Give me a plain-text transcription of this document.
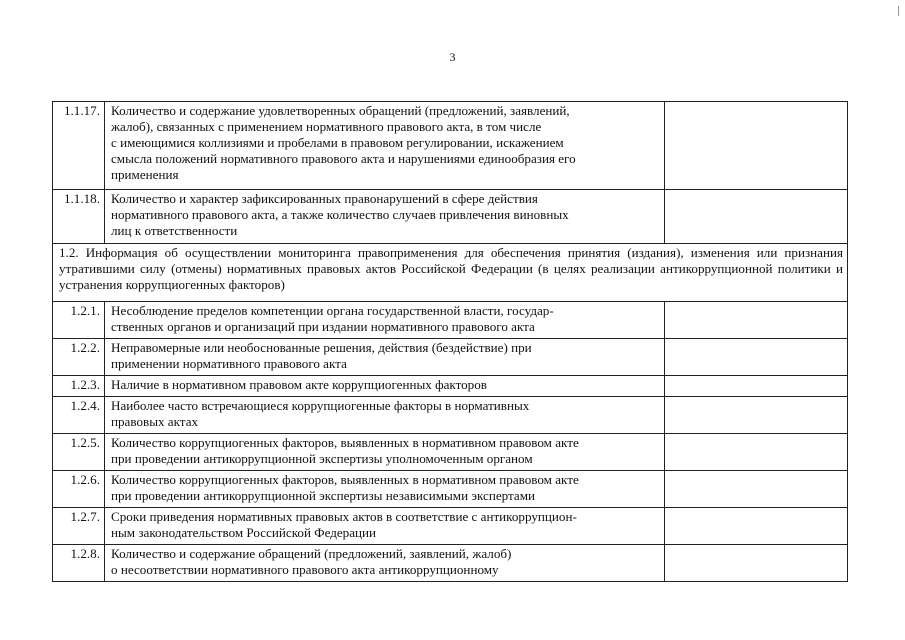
3
1.1.17.	Количество и содержание удовлетворенных обращений (предложений, заявлений,
жалоб), связанных с применением нормативного правового акта, в том числе
с имеющимися коллизиями и пробелами в правовом регулировании, искажением
смысла положений нормативного правового акта и нарушениями единообразия его
применения	
1.1.18.	Количество и характер зафиксированных правонарушений в сфере действия
нормативного правового акта, а также количество случаев привлечения виновных
лиц к ответственности	
1.2. Информация об осуществлении мониторинга правоприменения для обеспечения принятия (издания), изменения или признания утратившими силу (отмены) нормативных правовых актов Российской Федерации (в целях реализации антикоррупционной политики и устранения коррупциогенных факторов)		
1.2.1.	Несоблюдение пределов компетенции органа государственной власти, государ-
ственных органов и организаций при издании нормативного правового акта	
1.2.2.	Неправомерные или необоснованные решения, действия (бездействие) при
применении нормативного правового акта	
1.2.3.	Наличие в нормативном правовом акте коррупциогенных факторов	
1.2.4.	Наиболее часто встречающиеся коррупциогенные факторы в нормативных
правовых актах	
1.2.5.	Количество коррупциогенных факторов, выявленных в нормативном правовом акте
при проведении антикоррупционной экспертизы уполномоченным органом	
1.2.6.	Количество коррупциогенных факторов, выявленных в нормативном правовом акте
при проведении антикоррупционной экспертизы независимыми экспертами	
1.2.7.	Сроки приведения нормативных правовых актов в соответствие с антикоррупцион-
ным законодательством Российской Федерации	
1.2.8.	Количество и содержание обращений (предложений, заявлений, жалоб)
о несоответствии нормативного правового акта антикоррупционному	
